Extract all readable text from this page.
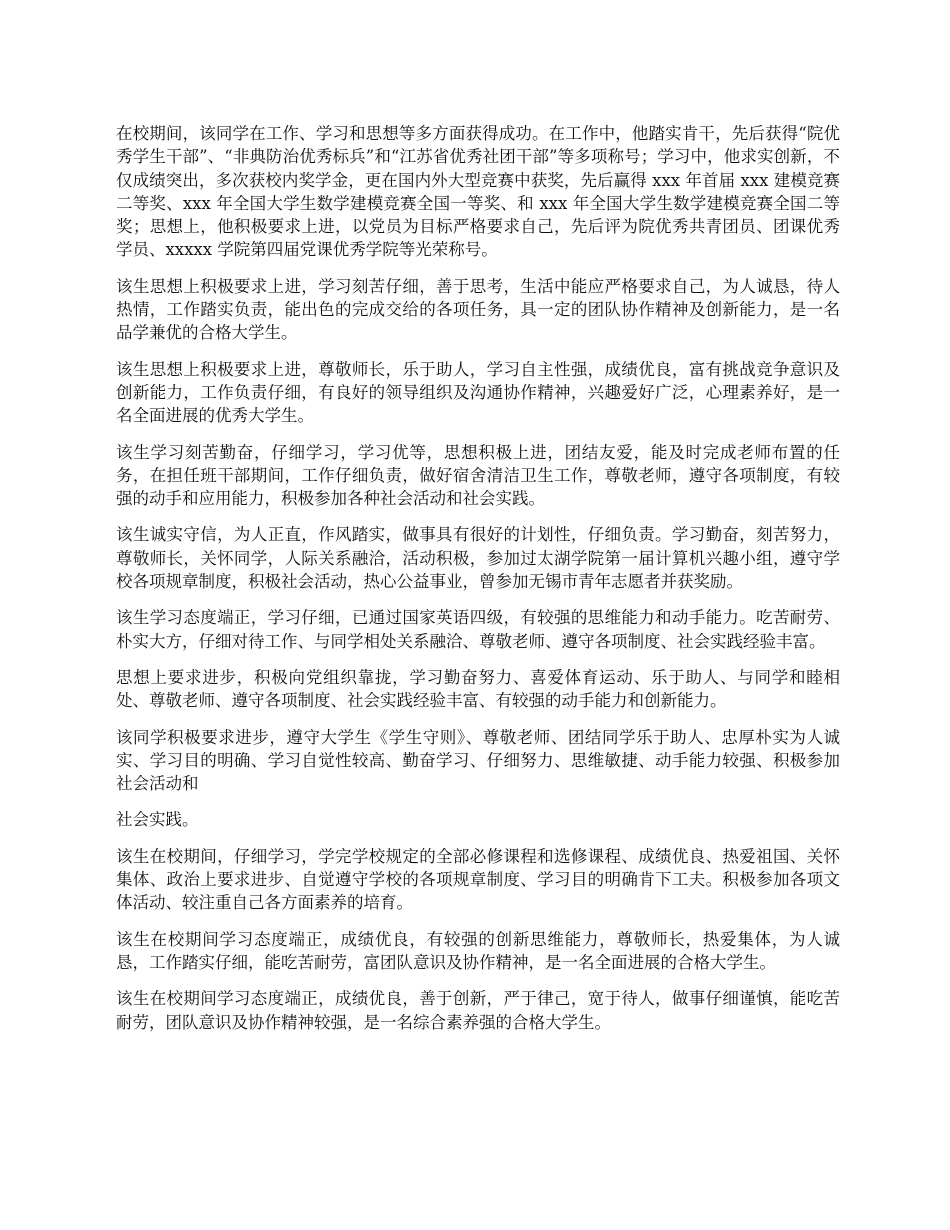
在校期间，该同学在工作、学习和思想等多方面获得成功。在工作中，他踏实肯干，先后获得“院优秀学生干部”、“非典防治优秀标兵”和“江苏省优秀社团干部”等多项称号；学习中，他求实创新，不仅成绩突出，多次获校内奖学金，更在国内外大型竞赛中获奖，先后赢得 xxx 年首届 xxx 建模竞赛二等奖、xxx 年全国大学生数学建模竞赛全国一等奖、和 xxx 年全国大学生数学建模竞赛全国二等奖；思想上，他积极要求上进，以党员为目标严格要求自己，先后评为院优秀共青团员、团课优秀学员、xxxxx 学院第四届党课优秀学院等光荣称号。

该生思想上积极要求上进，学习刻苦仔细，善于思考，生活中能应严格要求自己，为人诚恳，待人热情，工作踏实负责，能出色的完成交给的各项任务，具一定的团队协作精神及创新能力，是一名品学兼优的合格大学生。

该生思想上积极要求上进，尊敬师长，乐于助人，学习自主性强，成绩优良，富有挑战竞争意识及创新能力，工作负责仔细，有良好的领导组织及沟通协作精神，兴趣爱好广泛，心理素养好，是一名全面进展的优秀大学生。

该生学习刻苦勤奋，仔细学习，学习优等，思想积极上进，团结友爱，能及时完成老师布置的任务，在担任班干部期间，工作仔细负责，做好宿舍清洁卫生工作，尊敬老师，遵守各项制度，有较强的动手和应用能力，积极参加各种社会活动和社会实践。

该生诚实守信，为人正直，作风踏实，做事具有很好的计划性，仔细负责。学习勤奋，刻苦努力，尊敬师长，关怀同学，人际关系融洽，活动积极，参加过太湖学院第一届计算机兴趣小组，遵守学校各项规章制度，积极社会活动，热心公益事业，曾参加无锡市青年志愿者并获奖励。

该生学习态度端正，学习仔细，已通过国家英语四级，有较强的思维能力和动手能力。吃苦耐劳、朴实大方，仔细对待工作、与同学相处关系融洽、尊敬老师、遵守各项制度、社会实践经验丰富。

思想上要求进步，积极向党组织靠拢，学习勤奋努力、喜爱体育运动、乐于助人、与同学和睦相处、尊敬老师、遵守各项制度、社会实践经验丰富、有较强的动手能力和创新能力。

该同学积极要求进步，遵守大学生《学生守则》、尊敬老师、团结同学乐于助人、忠厚朴实为人诚实、学习目的明确、学习自觉性较高、勤奋学习、仔细努力、思维敏捷、动手能力较强、积极参加社会活动和

社会实践。

该生在校期间，仔细学习，学完学校规定的全部必修课程和选修课程、成绩优良、热爱祖国、关怀集体、政治上要求进步、自觉遵守学校的各项规章制度、学习目的明确肯下工夫。积极参加各项文体活动、较注重自己各方面素养的培育。

该生在校期间学习态度端正，成绩优良，有较强的创新思维能力，尊敬师长，热爱集体，为人诚恳，工作踏实仔细，能吃苦耐劳，富团队意识及协作精神，是一名全面进展的合格大学生。

该生在校期间学习态度端正，成绩优良，善于创新，严于律己，宽于待人，做事仔细谨慎，能吃苦耐劳，团队意识及协作精神较强，是一名综合素养强的合格大学生。
